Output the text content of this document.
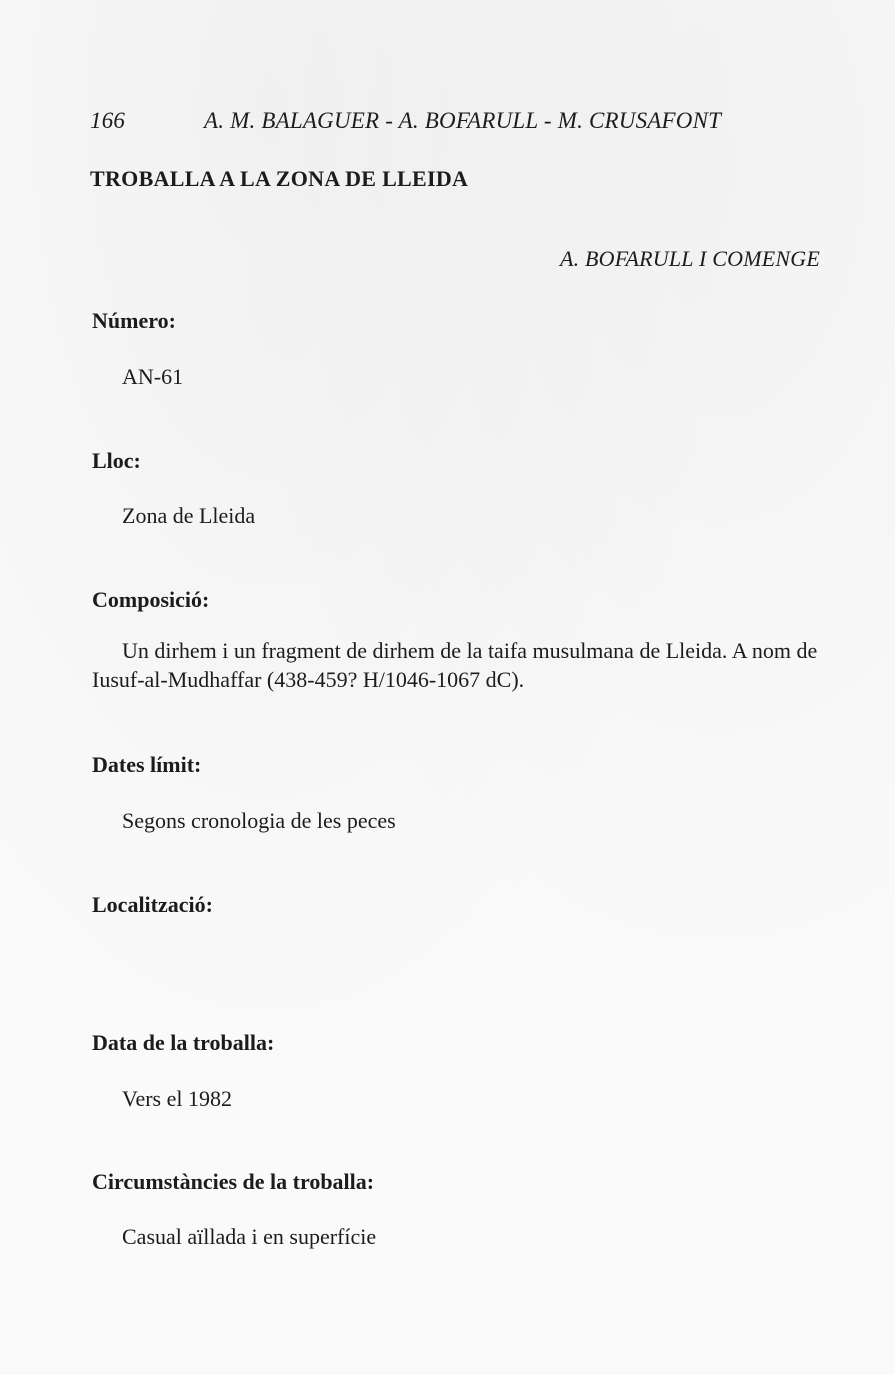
166	A. M. BALAGUER - A. BOFARULL - M. CRUSAFONT
TROBALLA A LA ZONA DE LLEIDA
A. BOFARULL I COMENGE
Número:
AN-61
Lloc:
Zona de Lleida
Composició:
Un dirhem i un fragment de dirhem de la taifa musulmana de Lleida. A nom de Iusuf-al-Mudhaffar (438-459? H/1046-1067 dC).
Dates límit:
Segons cronologia de les peces
Localització:
Data de la troballa:
Vers el 1982
Circumstàncies de la troballa:
Casual aïllada i en superfície
